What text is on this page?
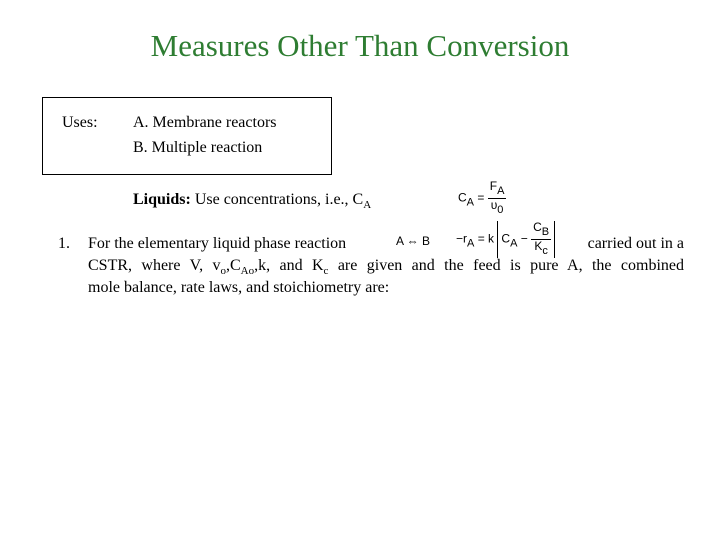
Measures Other Than Conversion
Uses: A. Membrane reactors
B. Multiple reaction
Liquids: Use concentrations, i.e., $C_A$
CA = $\frac{FA}{\upsilon 0}$
A ⇔ B −rA = k CA − $\frac{CB}{Kc}$
1. For the elementary liquid phase reaction	carried out in a
CSTR, where V, $v_o,C_{Ao},k$, and $K_c$ are given and the feed is pure A, the combined
mole balance, rate laws, and stoichiometry are:
